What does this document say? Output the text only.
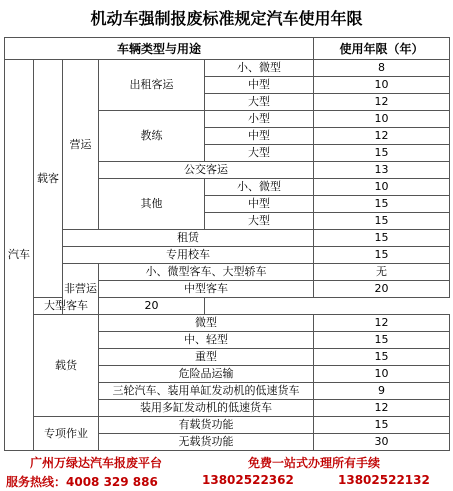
机动车强制报废标准规定汽车使用年限
车辆类型与用途					使用年限（年）
汽车	载客	营运	出租客运	小、微型	8
				中型	10
				大型	12
			教练	小型	10
				中型	12
				大型	15
			公交客运		13
			其他	小、微型	10
				中型	15
				大型	15
		租赁			15
		专用校车			15
		非营运	小、微型客车、大型轿车		无
			中型客车		20
	大型客车		20		
	载货		微型		12
			中、轻型		15
			重型		15
			危险品运输		10
			三轮汽车、装用单缸发动机的低速货车		9
			装用多缸发动机的低速货车		12
	专项作业		有载货功能		15
			无载货功能		30
广州万绿达汽车报废平台	免费一站式办理所有手续
服务热线：4008 329 886	13802522362	13802522132
